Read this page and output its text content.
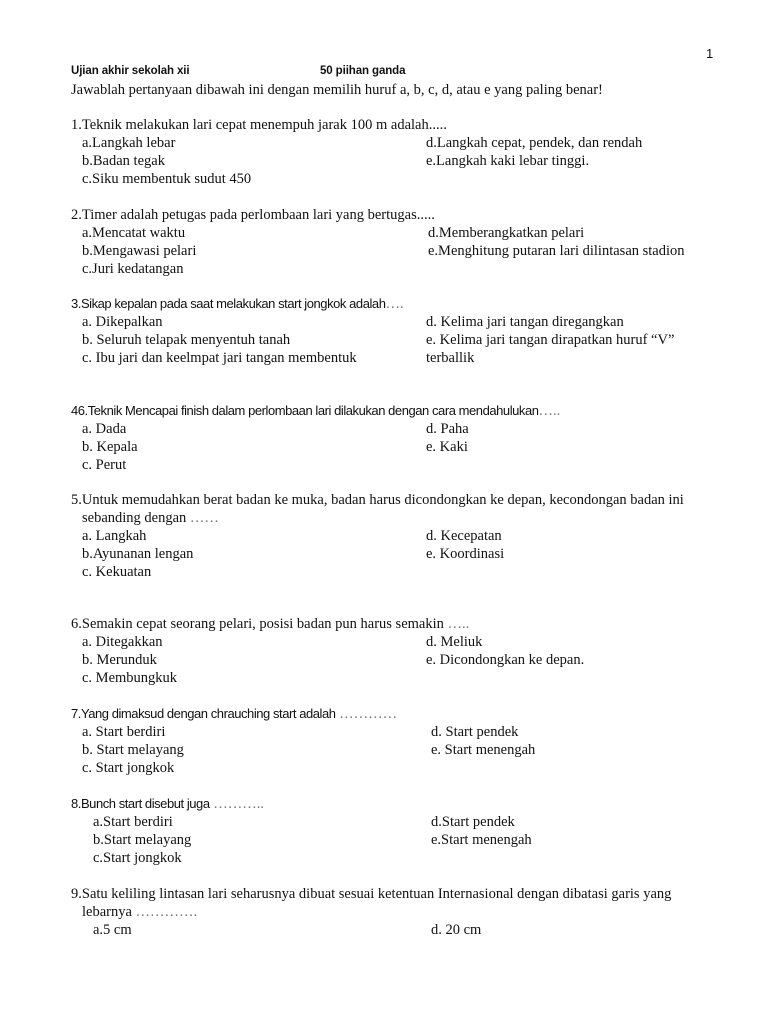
1
Ujian akhir sekolah xii	50 piihan ganda
Jawablah pertanyaan dibawah ini dengan memilih huruf a, b, c, d, atau e yang paling benar!
1.Teknik melakukan lari cepat menempuh jarak 100 m adalah.....
a.Langkah lebar	d.Langkah cepat, pendek, dan rendah
b.Badan tegak	e.Langkah kaki lebar tinggi.
c.Siku membentuk sudut 450
2.Timer adalah petugas pada perlombaan lari yang bertugas.....
a.Mencatat waktu	d.Memberangkatkan pelari
b.Mengawasi pelari	e.Menghitung putaran lari dilintasan stadion
c.Juri kedatangan
3.Sikap kepalan pada saat melakukan start jongkok adalah….
a. Dikepalkan	d. Kelima jari tangan diregangkan
b. Seluruh telapak menyentuh tanah	e. Kelima jari tangan dirapatkan huruf “V”
c. Ibu jari dan keelmpat jari tangan membentuk	terballik
46.Teknik Mencapai finish dalam perlombaan lari dilakukan dengan cara mendahulukan…..
a. Dada	d. Paha
b. Kepala	e. Kaki
c. Perut
5.Untuk memudahkan berat badan ke muka, badan harus dicondongkan ke depan, kecondongan badan ini
sebanding dengan ……
a. Langkah	d. Kecepatan
b.Ayunanan lengan	e. Koordinasi
c. Kekuatan
6.Semakin cepat seorang pelari, posisi badan pun harus semakin …..
a. Ditegakkan	d. Meliuk
b. Merunduk	e. Dicondongkan ke depan.
c. Membungkuk
7.Yang dimaksud dengan chrauching start adalah …………
a. Start berdiri	d. Start pendek
b. Start melayang	e. Start menengah
c. Start jongkok
8.Bunch start disebut juga ………..
a.Start berdiri	d.Start pendek
b.Start melayang	e.Start menengah
c.Start jongkok
9.Satu keliling lintasan lari seharusnya dibuat sesuai ketentuan Internasional dengan dibatasi garis yang
lebarnya ………….
a.5 cm	d. 20 cm
